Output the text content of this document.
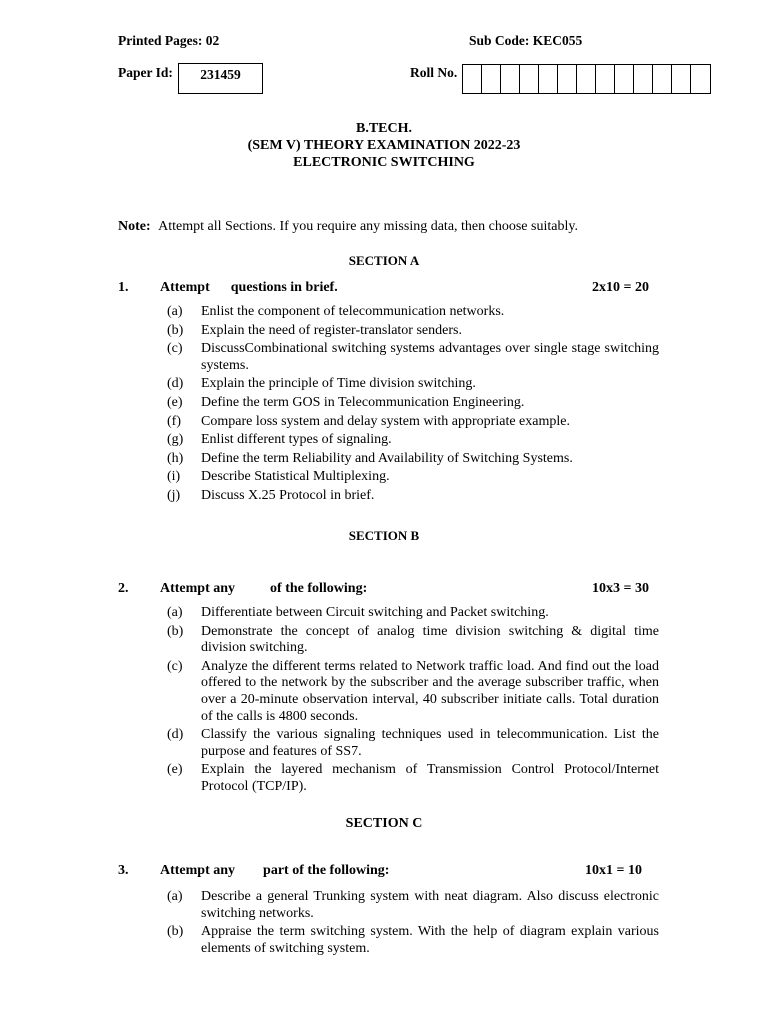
Printed Pages: 02	Sub Code: KEC055
Paper Id:	231459	Roll No.
B.TECH.
(SEM V) THEORY EXAMINATION 2022-23
ELECTRONIC SWITCHING
Note: Attempt all Sections. If you require any missing data, then choose suitably.
SECTION A
1. Attempt      questions in brief.	2x10 = 20
(a)	Enlist the component of telecommunication networks.
(b)	Explain the need of register-translator senders.
(c)	DiscussCombinational switching systems advantages over single stage switching systems.
(d)	Explain the principle of Time division switching.
(e)	Define the term GOS in Telecommunication Engineering.
(f)	Compare loss system and delay system with appropriate example.
(g)	Enlist different types of signaling.
(h)	Define the term Reliability and Availability of Switching Systems.
(i)	Describe Statistical Multiplexing.
(j)	Discuss X.25 Protocol in brief.
SECTION B
2. Attempt any          of the following:	10x3 = 30
(a)	Differentiate between Circuit switching and Packet switching.
(b)	Demonstrate the concept of analog time division switching & digital time division switching.
(c)	Analyze the different terms related to Network traffic load. And find out the load offered to the network by the subscriber and the average subscriber traffic, when over a 20-minute observation interval, 40 subscriber initiate calls. Total duration of the calls is 4800 seconds.
(d)	Classify the various signaling techniques used in telecommunication. List the purpose and features of SS7.
(e)	Explain the layered mechanism of Transmission Control Protocol/Internet Protocol (TCP/IP).
SECTION C
3. Attempt any        part of the following:	10x1 = 10
(a)	Describe a general Trunking system with neat diagram. Also discuss electronic switching networks.
(b)	Appraise the term switching system. With the help of diagram explain various elements of switching system.
